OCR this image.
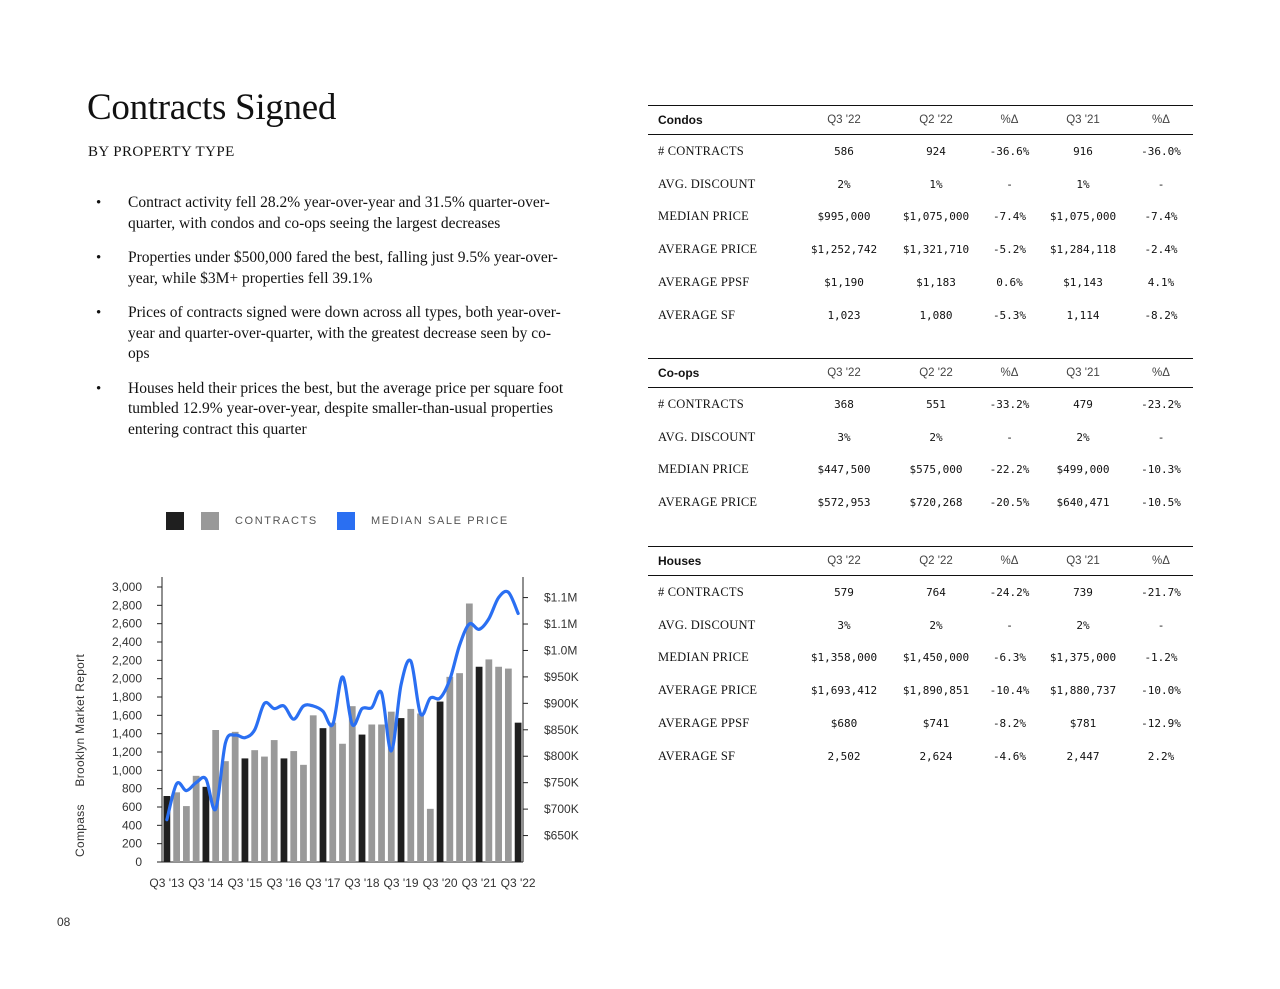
Contracts Signed
BY PROPERTY TYPE
• Contract activity fell 28.2% year-over-year and 31.5% quarter-over-quarter, with condos and co-ops seeing the largest decreases
• Properties under $500,000 fared the best, falling just 9.5% year-over-year, while $3M+ properties fell 39.1%
• Prices of contracts signed were down across all types, both year-over-year and quarter-over-quarter, with the greatest decrease seen by co-ops
• Houses held their prices the best, but the average price per square foot tumbled 12.9% year-over-year, despite smaller-than-usual properties entering contract this quarter
CONTRACTS	MEDIAN SALE PRICE
0
200
400
600
800
1,000
1,200
1,400
1,600
1,800
2,000
2,200
2,400
2,600
2,800
3,000
$650K
$700K
$750K
$800K
$850K
$900K
$950K
$1.0M
$1.1M
$1.1M
Q3 '13 Q3 '14 Q3 '15 Q3 '16 Q3 '17 Q3 '18 Q3 '19 Q3 '20 Q3 '21 Q3 '22
Compass Brooklyn Market Report
08
Condos	Q3 '22	Q2 '22	%Δ	Q3 '21	%Δ
# CONTRACTS	586	924	-36.6%	916	-36.0%
AVG. DISCOUNT	2%	1%	-	1%	-
MEDIAN PRICE	$995,000	$1,075,000	-7.4%	$1,075,000	-7.4%
AVERAGE PRICE	$1,252,742	$1,321,710	-5.2%	$1,284,118	-2.4%
AVERAGE PPSF	$1,190	$1,183	0.6%	$1,143	4.1%
AVERAGE SF	1,023	1,080	-5.3%	1,114	-8.2%
Co-ops	Q3 '22	Q2 '22	%Δ	Q3 '21	%Δ
# CONTRACTS	368	551	-33.2%	479	-23.2%
AVG. DISCOUNT	3%	2%	-	2%	-
MEDIAN PRICE	$447,500	$575,000	-22.2%	$499,000	-10.3%
AVERAGE PRICE	$572,953	$720,268	-20.5%	$640,471	-10.5%
Houses	Q3 '22	Q2 '22	%Δ	Q3 '21	%Δ
# CONTRACTS	579	764	-24.2%	739	-21.7%
AVG. DISCOUNT	3%	2%	-	2%	-
MEDIAN PRICE	$1,358,000	$1,450,000	-6.3%	$1,375,000	-1.2%
AVERAGE PRICE	$1,693,412	$1,890,851	-10.4%	$1,880,737	-10.0%
AVERAGE PPSF	$680	$741	-8.2%	$781	-12.9%
AVERAGE SF	2,502	2,624	-4.6%	2,447	2.2%
